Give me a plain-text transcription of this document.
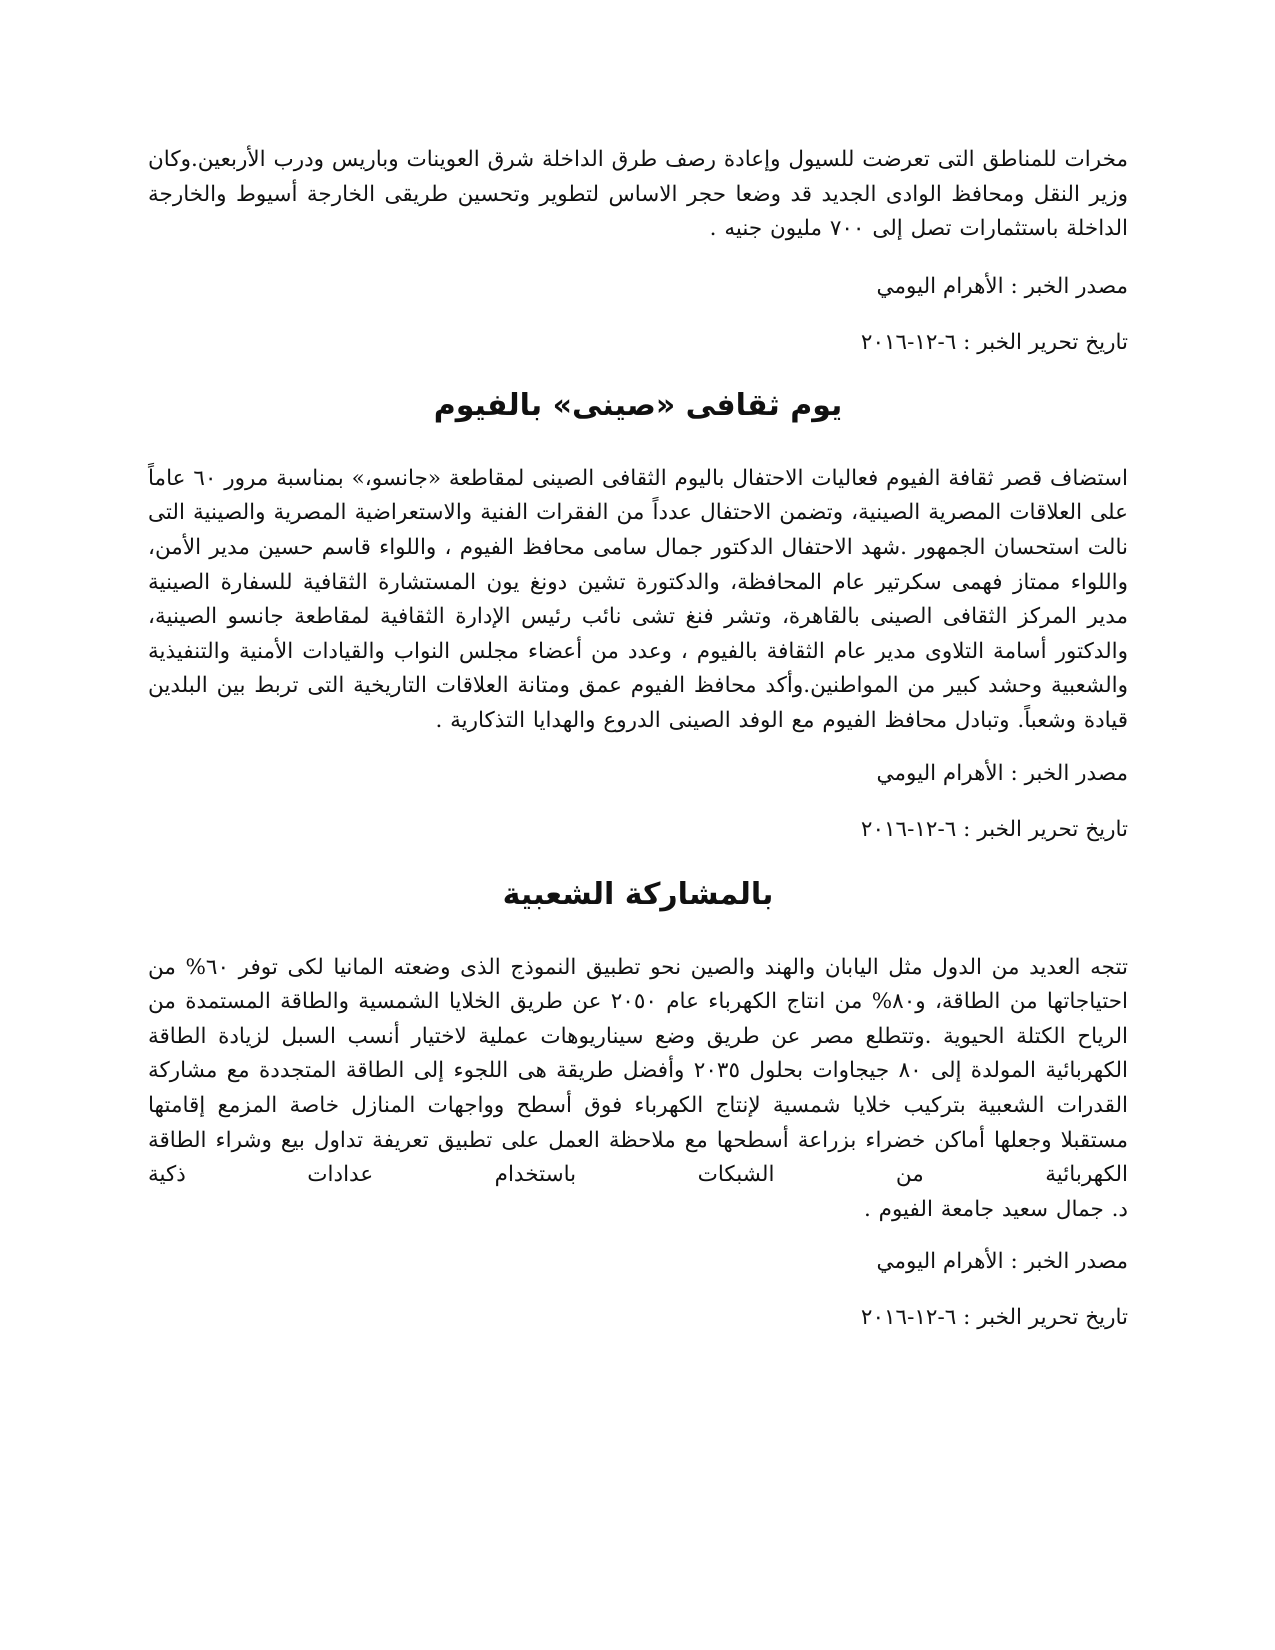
مخرات للمناطق التى تعرضت للسيول وإعادة رصف طرق الداخلة شرق العوينات وباريس ودرب الأربعين.وكان وزير النقل ومحافظ الوادى الجديد قد وضعا حجر الاساس لتطوير وتحسين طريقى الخارجة أسيوط والخارجة الداخلة باستثمارات تصل إلى ٧٠٠ مليون جنيه .

مصدر الخبر : الأهرام اليومي

تاريخ تحرير الخبر : ٦-١٢-٢٠١٦

يوم ثقافى «صينى» بالفيوم

استضاف قصر ثقافة الفيوم فعاليات الاحتفال باليوم الثقافى الصينى لمقاطعة «جانسو،» بمناسبة مرور ٦٠ عاماً على العلاقات المصرية الصينية، وتضمن الاحتفال عدداً من الفقرات الفنية والاستعراضية المصرية والصينية التى نالت استحسان الجمهور .شهد الاحتفال الدكتور جمال سامى محافظ الفيوم ، واللواء قاسم حسين مدير الأمن، واللواء ممتاز فهمى سكرتير عام المحافظة، والدكتورة تشين دونغ يون المستشارة الثقافية للسفارة الصينية مدير المركز الثقافى الصينى بالقاهرة، وتشر فنغ تشى نائب رئيس الإدارة الثقافية لمقاطعة جانسو الصينية، والدكتور أسامة التلاوى مدير عام الثقافة بالفيوم ، وعدد من أعضاء مجلس النواب والقيادات الأمنية والتنفيذية والشعبية وحشد كبير من المواطنين.وأكد محافظ الفيوم عمق ومتانة العلاقات التاريخية التى تربط بين البلدين قيادة وشعباً. وتبادل محافظ الفيوم مع الوفد الصينى الدروع والهدايا التذكارية .

مصدر الخبر : الأهرام اليومي

تاريخ تحرير الخبر : ٦-١٢-٢٠١٦

بالمشاركة الشعبية

تتجه العديد من الدول مثل اليابان والهند والصين نحو تطبيق النموذج الذى وضعته المانيا لكى توفر ٦٠% من احتياجاتها من الطاقة، و٨٠% من انتاج الكهرباء عام ٢٠٥٠ عن طريق الخلايا الشمسية والطاقة المستمدة من الرياح الكتلة الحيوية .وتتطلع مصر عن طريق وضع سيناريوهات عملية لاختيار أنسب السبل لزيادة الطاقة الكهربائية المولدة إلى ٨٠ جيجاوات بحلول ٢٠٣٥ وأفضل طريقة هى اللجوء إلى الطاقة المتجددة مع مشاركة القدرات الشعبية بتركيب خلايا شمسية لإنتاج الكهرباء فوق أسطح وواجهات المنازل خاصة المزمع إقامتها مستقبلا وجعلها أماكن خضراء بزراعة أسطحها مع ملاحظة العمل على تطبيق تعريفة تداول بيع وشراء الطاقة الكهربائية من الشبكات باستخدام عدادات ذكية

د. جمال سعيد جامعة الفيوم .

مصدر الخبر : الأهرام اليومي

تاريخ تحرير الخبر : ٦-١٢-٢٠١٦
